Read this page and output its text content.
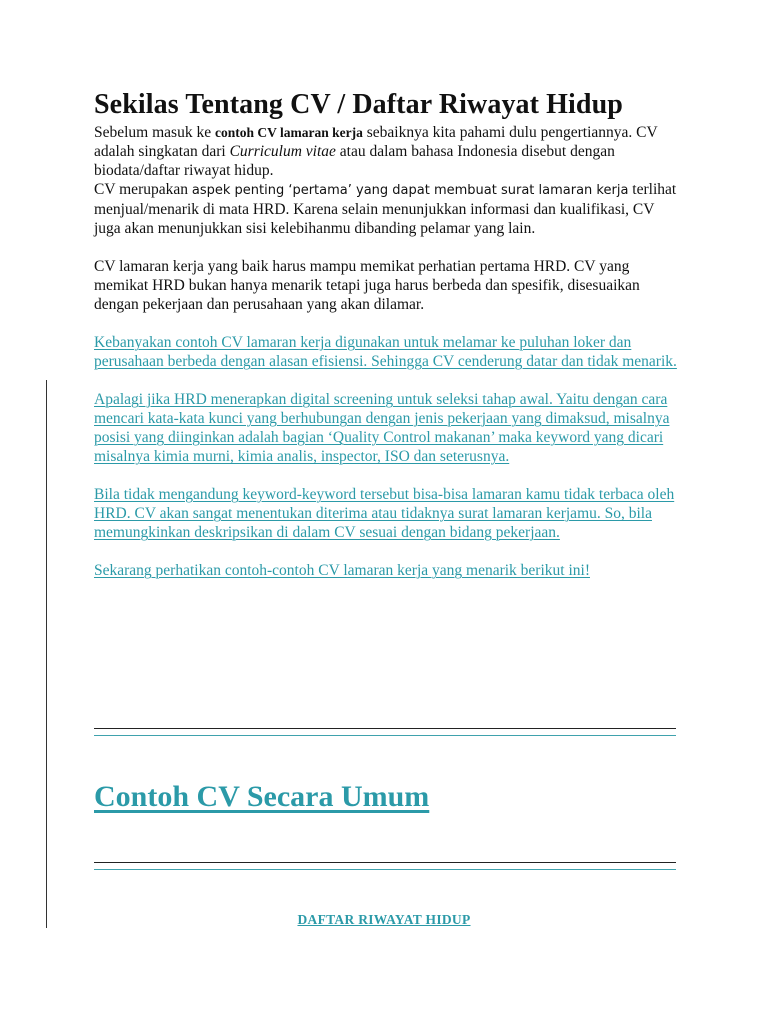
Sekilas Tentang CV / Daftar Riwayat Hidup

Sebelum masuk ke contoh CV lamaran kerja sebaiknya kita pahami dulu pengertiannya. CV adalah singkatan dari Curriculum vitae atau dalam bahasa Indonesia disebut dengan biodata/daftar riwayat hidup.

CV merupakan aspek penting ‘pertama’ yang dapat membuat surat lamaran kerja terlihat menjual/menarik di mata HRD. Karena selain menunjukkan informasi dan kualifikasi, CV juga akan menunjukkan sisi kelebihanmu dibanding pelamar yang lain.

CV lamaran kerja yang baik harus mampu memikat perhatian pertama HRD. CV yang memikat HRD bukan hanya menarik tetapi juga harus berbeda dan spesifik, disesuaikan dengan pekerjaan dan perusahaan yang akan dilamar.

Kebanyakan contoh CV lamaran kerja digunakan untuk melamar ke puluhan loker dan perusahaan berbeda dengan alasan efisiensi. Sehingga CV cenderung datar dan tidak menarik.

Apalagi jika HRD menerapkan digital screening untuk seleksi tahap awal. Yaitu dengan cara mencari kata-kata kunci yang berhubungan dengan jenis pekerjaan yang dimaksud, misalnya posisi yang diinginkan adalah bagian ‘Quality Control makanan’ maka keyword yang dicari misalnya kimia murni, kimia analis, inspector, ISO dan seterusnya.

Bila tidak mengandung keyword-keyword tersebut bisa-bisa lamaran kamu tidak terbaca oleh HRD. CV akan sangat menentukan diterima atau tidaknya surat lamaran kerjamu. So, bila memungkinkan deskripsikan di dalam CV sesuai dengan bidang pekerjaan.

Sekarang perhatikan contoh-contoh CV lamaran kerja yang menarik berikut ini!

Contoh CV Secara Umum
DAFTAR RIWAYAT HIDUP
